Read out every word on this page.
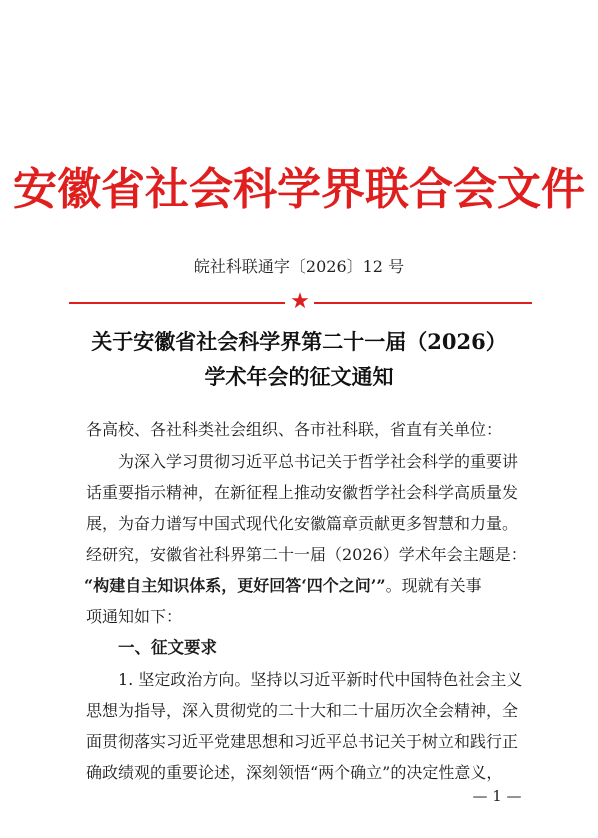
安徽省社会科学界联合会文件
皖社科联通字〔2026〕12 号
★
关于安徽省社会科学界第二十一届（2026）
学术年会的征文通知
各高校、各社科类社会组织、各市社科联，省直有关单位：
为深入学习贯彻习近平总书记关于哲学社会科学的重要讲
话重要指示精神，在新征程上推动安徽哲学社会科学高质量发
展，为奋力谱写中国式现代化安徽篇章贡献更多智慧和力量。
经研究，安徽省社科界第二十一届（2026）学术年会主题是：
“构建自主知识体系，更好回答‘四个之问’”。现就有关事
项通知如下：
一、征文要求
1. 坚定政治方向。坚持以习近平新时代中国特色社会主义
思想为指导，深入贯彻党的二十大和二十届历次全会精神，全
面贯彻落实习近平党建思想和习近平总书记关于树立和践行正
确政绩观的重要论述，深刻领悟“两个确立”的决定性意义，
— 1 —
